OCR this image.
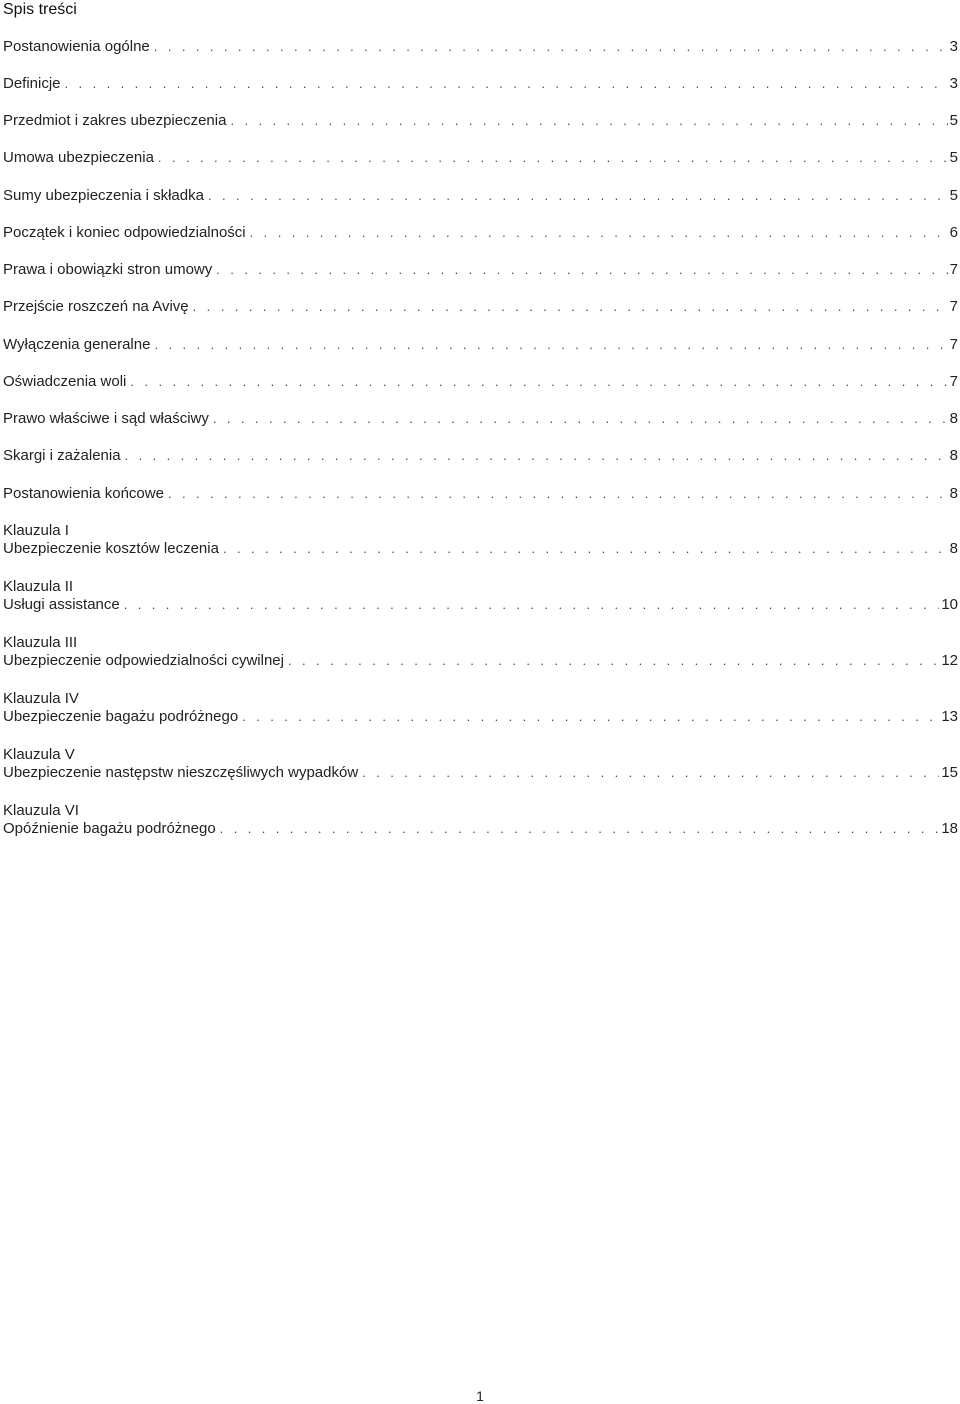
Spis treści
Postanowienia ogólne . . .	3
Definicje . . .	3
Przedmiot i zakres ubezpieczenia . . .	5
Umowa ubezpieczenia . . .	5
Sumy ubezpieczenia i składka . . .	5
Początek i koniec odpowiedzialności . . .	6
Prawa i obowiązki stron umowy . . .	7
Przejście roszczeń na Avivę . . .	7
Wyłączenia generalne . . .	7
Oświadczenia woli . . .	7
Prawo właściwe i sąd właściwy . . .	8
Skargi i zażalenia . . .	8
Postanowienia końcowe . . .	8
Klauzula I
Ubezpieczenie kosztów leczenia . . .	8
Klauzula II
Usługi assistance . . .	10
Klauzula III
Ubezpieczenie odpowiedzialności cywilnej . . .	12
Klauzula IV
Ubezpieczenie bagażu podróżnego . . .	13
Klauzula V
Ubezpieczenie następstw nieszczęśliwych wypadków . . .	15
Klauzula VI
Opóźnienie bagażu podróżnego . . .	18
1
